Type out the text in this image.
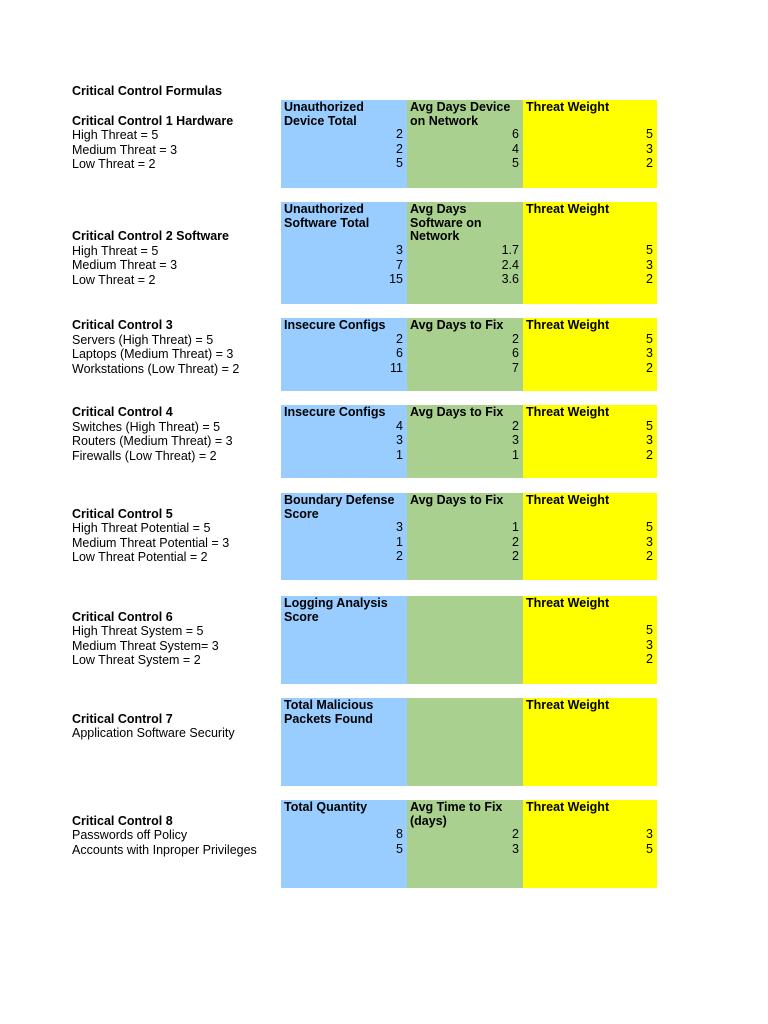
Critical Control Formulas
Critical Control 1 Hardware
High Threat = 5
Medium Threat = 3
Low Threat = 2
Unauthorized
Device Total
2
2
5
Avg Days Device
on Network
6
4
5
Threat Weight
5
3
2
Critical Control 2 Software
High Threat = 5
Medium Threat = 3
Low Threat = 2
Unauthorized
Software Total
3
7
15
Avg Days
Software on
Network
1.7
2.4
3.6
Threat Weight
5
3
2
Critical Control 3
Servers (High Threat) = 5
Laptops (Medium Threat) = 3
Workstations (Low Threat) = 2
Insecure Configs
2
6
11
Avg Days to Fix
2
6
7
Threat Weight
5
3
2
Critical Control 4
Switches (High Threat) = 5
Routers (Medium Threat) = 3
Firewalls (Low Threat) = 2
Insecure Configs
4
3
1
Avg Days to Fix
2
3
1
Threat Weight
5
3
2
Critical Control 5
High Threat Potential = 5
Medium Threat Potential = 3
Low Threat Potential = 2
Boundary Defense
Score
3
1
2
Avg Days to Fix
1
2
2
Threat Weight
5
3
2
Critical Control 6
High Threat System = 5
Medium Threat System= 3
Low Threat System = 2
Logging Analysis
Score
Threat Weight
5
3
2
Critical Control 7
Application Software Security
Total Malicious
Packets Found
Threat Weight
Critical Control 8
Passwords off Policy
Accounts with Inproper Privileges
Total Quantity
8
5
Avg Time to Fix
(days)
2
3
Threat Weight
3
5
